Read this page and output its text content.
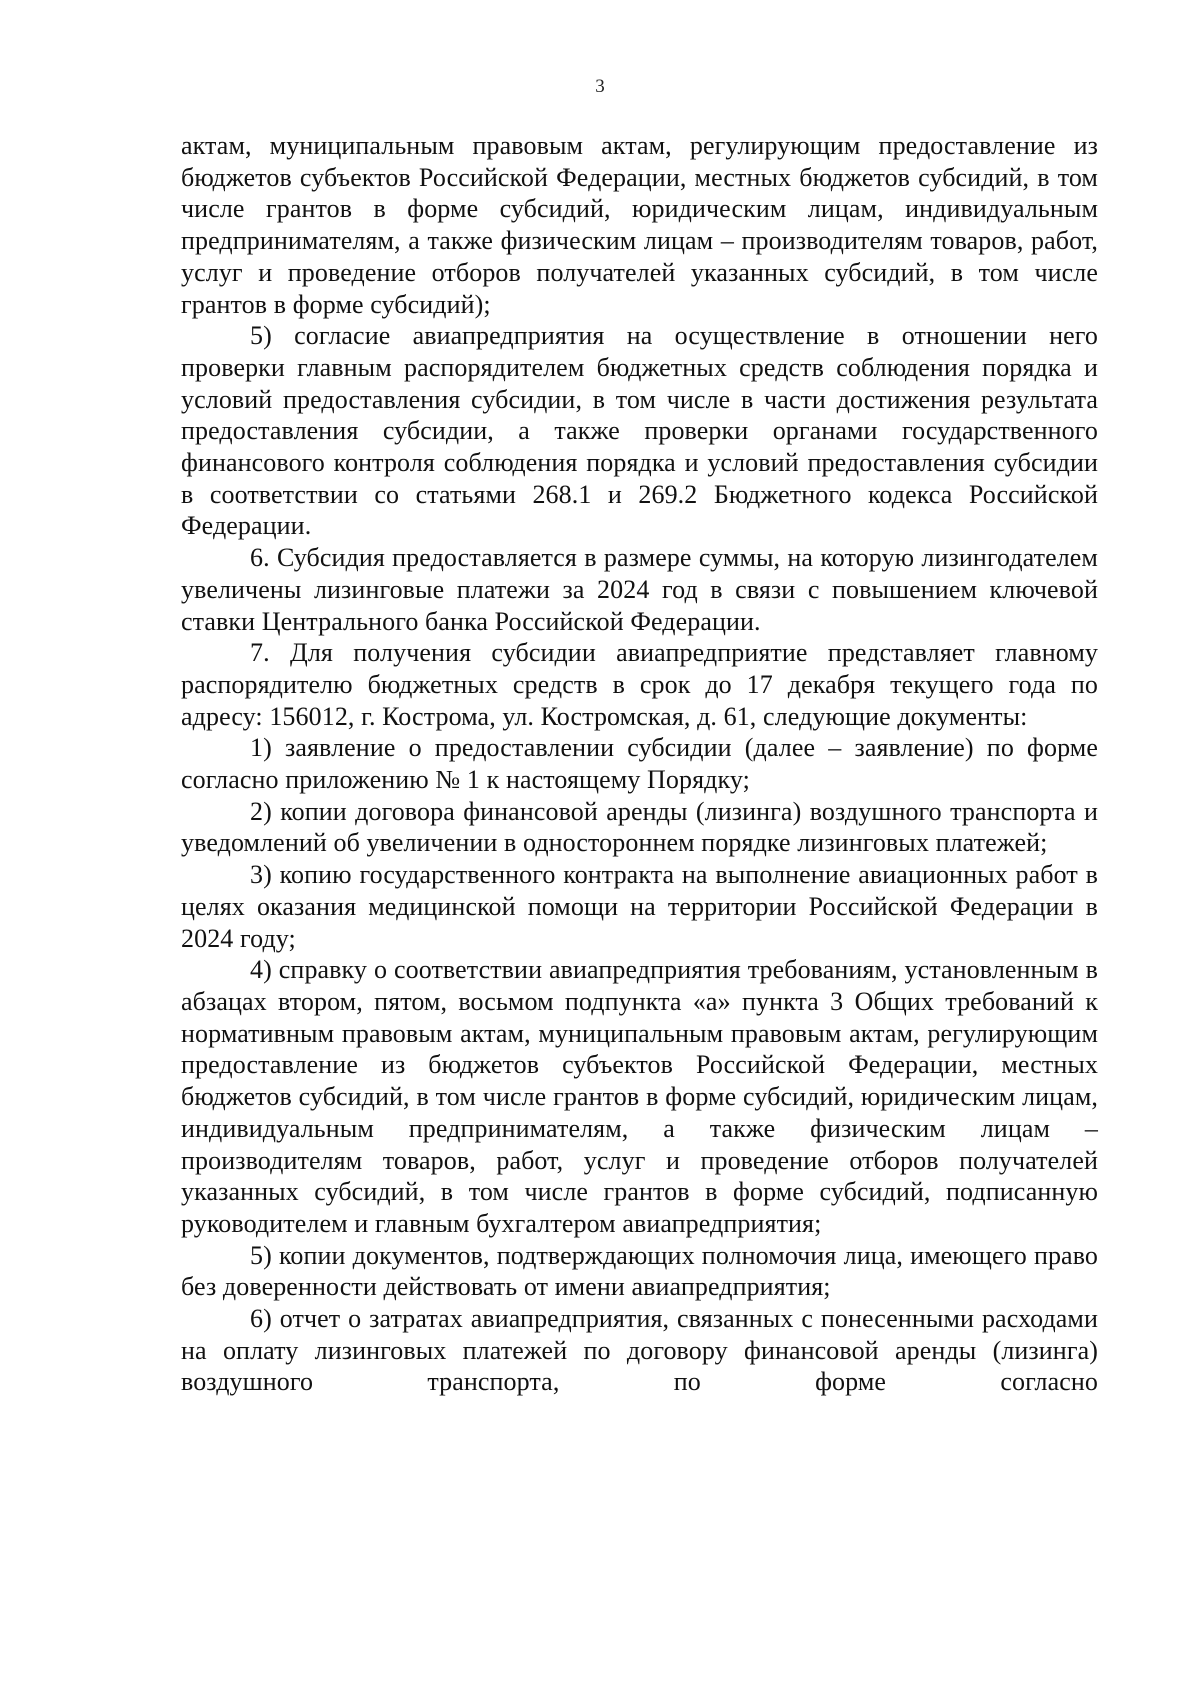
3

актам, муниципальным правовым актам, регулирующим предоставление из бюджетов субъектов Российской Федерации, местных бюджетов субсидий, в том числе грантов в форме субсидий, юридическим лицам, индивидуальным предпринимателям, а также физическим лицам – производителям товаров, работ, услуг и проведение отборов получателей указанных субсидий, в том числе грантов в форме субсидий);

5) согласие авиапредприятия на осуществление в отношении него проверки главным распорядителем бюджетных средств соблюдения порядка и условий предоставления субсидии, в том числе в части достижения результата предоставления субсидии, а также проверки органами государственного финансового контроля соблюдения порядка и условий предоставления субсидии в соответствии со статьями 268.1 и 269.2 Бюджетного кодекса Российской Федерации.

6. Субсидия предоставляется в размере суммы, на которую лизингодателем увеличены лизинговые платежи за 2024 год в связи с повышением ключевой ставки Центрального банка Российской Федерации.

7. Для получения субсидии авиапредприятие представляет главному распорядителю бюджетных средств в срок до 17 декабря текущего года по адресу: 156012, г. Кострома, ул. Костромская, д. 61, следующие документы:

1) заявление о предоставлении субсидии (далее – заявление) по форме согласно приложению № 1 к настоящему Порядку;

2) копии договора финансовой аренды (лизинга) воздушного транспорта и уведомлений об увеличении в одностороннем порядке лизинговых платежей;

3) копию государственного контракта на выполнение авиационных работ в целях оказания медицинской помощи на территории Российской Федерации в 2024 году;

4) справку о соответствии авиапредприятия требованиям, установленным в абзацах втором, пятом, восьмом подпункта «а» пункта 3 Общих требований к нормативным правовым актам, муниципальным правовым актам, регулирующим предоставление из бюджетов субъектов Российской Федерации, местных бюджетов субсидий, в том числе грантов в форме субсидий, юридическим лицам, индивидуальным предпринимателям, а также физическим лицам – производителям товаров, работ, услуг и проведение отборов получателей указанных субсидий, в том числе грантов в форме субсидий, подписанную руководителем и главным бухгалтером авиапредприятия;

5) копии документов, подтверждающих полномочия лица, имеющего право без доверенности действовать от имени авиапредприятия;

6) отчет о затратах авиапредприятия, связанных с понесенными расходами на оплату лизинговых платежей по договору финансовой аренды (лизинга) воздушного транспорта, по форме согласно
